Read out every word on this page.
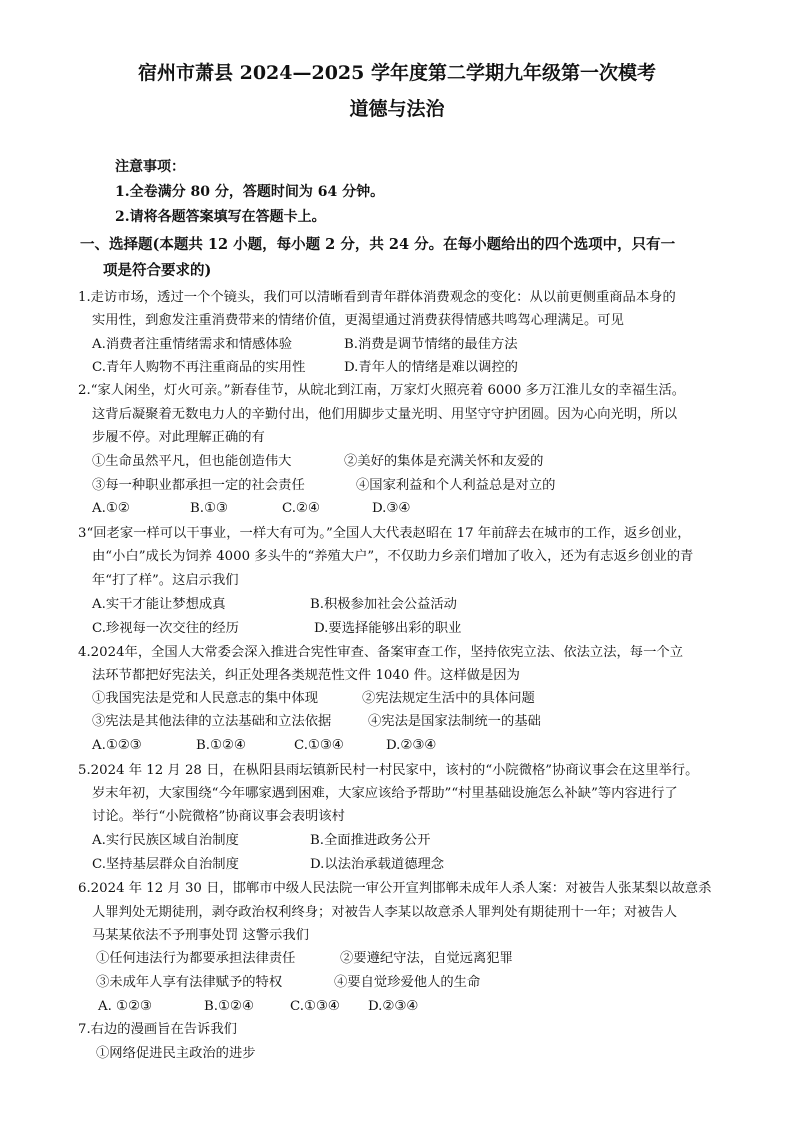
宿州市萧县 2024—2025 学年度第二学期九年级第一次模考
道德与法治
注意事项：
1.全卷满分 80 分，答题时间为 64 分钟。
2.请将各题答案填写在答题卡上。
一、选择题(本题共 12 小题，每小题 2 分，共 24 分。在每小题给出的四个选项中，只有一
项是符合要求的)
1.走访市场，透过一个个镜头，我们可以清晰看到青年群体消费观念的变化：从以前更侧重商品本身的
实用性，到愈发注重消费带来的情绪价值，更渴望通过消费获得情感共鸣驾心理满足。可见
A.消费者注重情绪需求和情感体验	B.消费是调节情绪的最佳方法
C.青年人购物不再注重商品的实用性	D.青年人的情绪是难以调控的
2.“家人闲坐，灯火可亲。”新春佳节，从皖北到江南，万家灯火照亮着 6000 多万江淮儿女的幸福生活。
这背后凝聚着无数电力人的辛勤付出，他们用脚步丈量光明、用坚守守护团圆。因为心向光明，所以
步履不停。对此理解正确的有
①生命虽然平凡，但也能创造伟大	②美好的集体是充满关怀和友爱的
③每一种职业都承担一定的社会责任	④国家利益和个人利益总是对立的
A.①②	B.①③	C.②④	D.③④
3“回老家一样可以干事业，一样大有可为。”全国人大代表赵昭在 17 年前辞去在城市的工作，返乡创业，
由“小白”成长为饲养 4000 多头牛的“养殖大户”，不仅助力乡亲们增加了收入，还为有志返乡创业的青
年“打了样”。这启示我们
A.实干才能让梦想成真	B.积极参加社会公益活动
C.珍视每一次交往的经历	D.要选择能够出彩的职业
4.2024年，全国人大常委会深入推进合宪性审查、备案审查工作，坚持依宪立法、依法立法，每一个立
法环节都把好宪法关，纠正处理各类规范性文件 1040 件。这样做是因为
①我国宪法是党和人民意志的集中体现	②宪法规定生活中的具体问题
③宪法是其他法律的立法基础和立法依据	④宪法是国家法制统一的基础
A.①②③	B.①②④	C.①③④	D.②③④
5.2024 年 12 月 28 日，在枞阳县雨坛镇新民村一村民家中，该村的“小院微格”协商议事会在这里举行。
岁末年初，大家围绕“今年哪家遇到困难，大家应该给予帮助”“村里基础设施怎么补缺”等内容进行了
讨论。举行“小院微格”协商议事会表明该村
A.实行民族区域自治制度	B.全面推进政务公开
C.坚持基层群众自治制度	D.以法治承载道德理念
6.2024 年 12 月 30 日，邯郸市中级人民法院一审公开宣判邯郸未成年人杀人案：对被告人张某梨以故意杀
人罪判处无期徒刑，剥夺政治权利终身；对被告人李某以故意杀人罪判处有期徒刑十一年；对被告人
马某某依法不予刑事处罚 这警示我们
①任何违法行为都要承担法律责任	②要遵纪守法，自觉远离犯罪
③未成年人享有法律赋予的特权	④要自觉珍爱他人的生命
A. ①②③	B.①②④	C.①③④ D.②③④
7.右边的漫画旨在告诉我们
①网络促进民主政治的进步
